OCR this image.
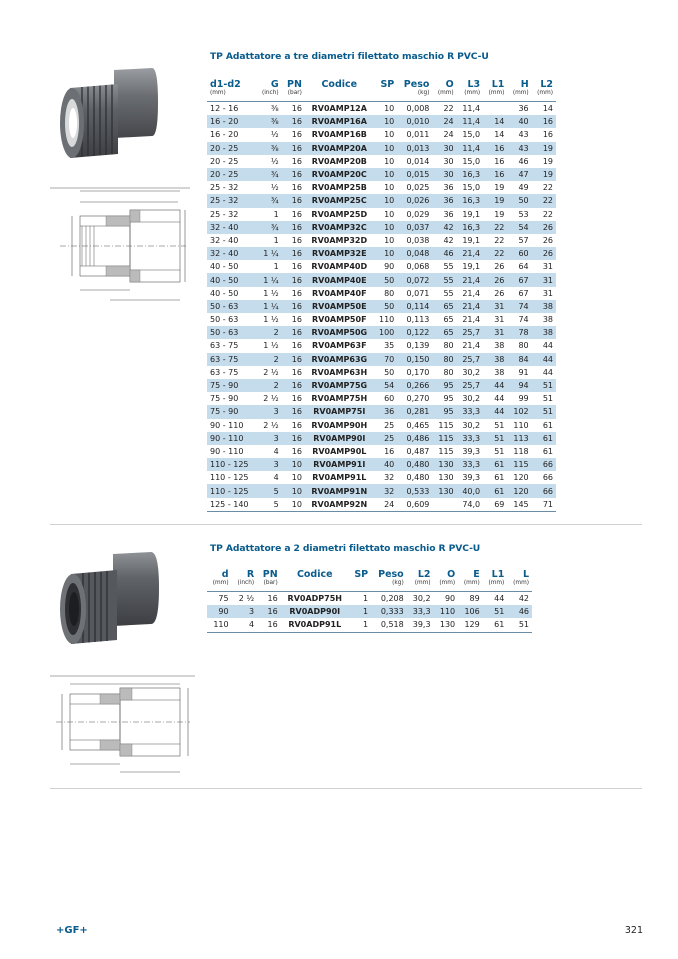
TP Adattatore a tre diametri filettato maschio R PVC-U
d1-d2	G	PN	Codice	SP	Peso	O	L3	L1	H	L2
(mm)	(inch)	(bar)			(kg)	(mm)	(mm)	(mm)	(mm)	(mm)
12 - 16	⅜	16	RV0AMP12A	10	0,008	22	11,4		36	14
16 - 20	⅜	16	RV0AMP16A	10	0,010	24	11,4	14	40	16
16 - 20	½	16	RV0AMP16B	10	0,011	24	15,0	14	43	16
20 - 25	⅜	16	RV0AMP20A	10	0,013	30	11,4	16	43	19
20 - 25	½	16	RV0AMP20B	10	0,014	30	15,0	16	46	19
20 - 25	¾	16	RV0AMP20C	10	0,015	30	16,3	16	47	19
25 - 32	½	16	RV0AMP25B	10	0,025	36	15,0	19	49	22
25 - 32	¾	16	RV0AMP25C	10	0,026	36	16,3	19	50	22
25 - 32	1	16	RV0AMP25D	10	0,029	36	19,1	19	53	22
32 - 40	¾	16	RV0AMP32C	10	0,037	42	16,3	22	54	26
32 - 40	1	16	RV0AMP32D	10	0,038	42	19,1	22	57	26
32 - 40	1 ¼	16	RV0AMP32E	10	0,048	46	21,4	22	60	26
40 - 50	1	16	RV0AMP40D	90	0,068	55	19,1	26	64	31
40 - 50	1 ¼	16	RV0AMP40E	50	0,072	55	21,4	26	67	31
40 - 50	1 ½	16	RV0AMP40F	80	0,071	55	21,4	26	67	31
50 - 63	1 ¼	16	RV0AMP50E	50	0,114	65	21,4	31	74	38
50 - 63	1 ½	16	RV0AMP50F	110	0,113	65	21,4	31	74	38
50 - 63	2	16	RV0AMP50G	100	0,122	65	25,7	31	78	38
63 - 75	1 ½	16	RV0AMP63F	35	0,139	80	21,4	38	80	44
63 - 75	2	16	RV0AMP63G	70	0,150	80	25,7	38	84	44
63 - 75	2 ½	16	RV0AMP63H	50	0,170	80	30,2	38	91	44
75 - 90	2	16	RV0AMP75G	54	0,266	95	25,7	44	94	51
75 - 90	2 ½	16	RV0AMP75H	60	0,270	95	30,2	44	99	51
75 - 90	3	16	RV0AMP75I	36	0,281	95	33,3	44	102	51
90 - 110	2 ½	16	RV0AMP90H	25	0,465	115	30,2	51	110	61
90 - 110	3	16	RV0AMP90I	25	0,486	115	33,3	51	113	61
90 - 110	4	16	RV0AMP90L	16	0,487	115	39,3	51	118	61
110 - 125	3	10	RV0AMP91I	40	0,480	130	33,3	61	115	66
110 - 125	4	10	RV0AMP91L	32	0,480	130	39,3	61	120	66
110 - 125	5	10	RV0AMP91N	32	0,533	130	40,0	61	120	66
125 - 140	5	10	RV0AMP92N	24	0,609		74,0	69	145	71
TP Adattatore a 2 diametri filettato maschio R PVC-U
d	R	PN	Codice	SP	Peso	L2	O	E	L1	L
(mm)	(inch)	(bar)			(kg)	(mm)	(mm)	(mm)	(mm)	(mm)
75	2 ½	16	RV0ADP75H	1	0,208	30,2	90	89	44	42
90	3	16	RV0ADP90I	1	0,333	33,3	110	106	51	46
110	4	16	RV0ADP91L	1	0,518	39,3	130	129	61	51
+GF+	321
